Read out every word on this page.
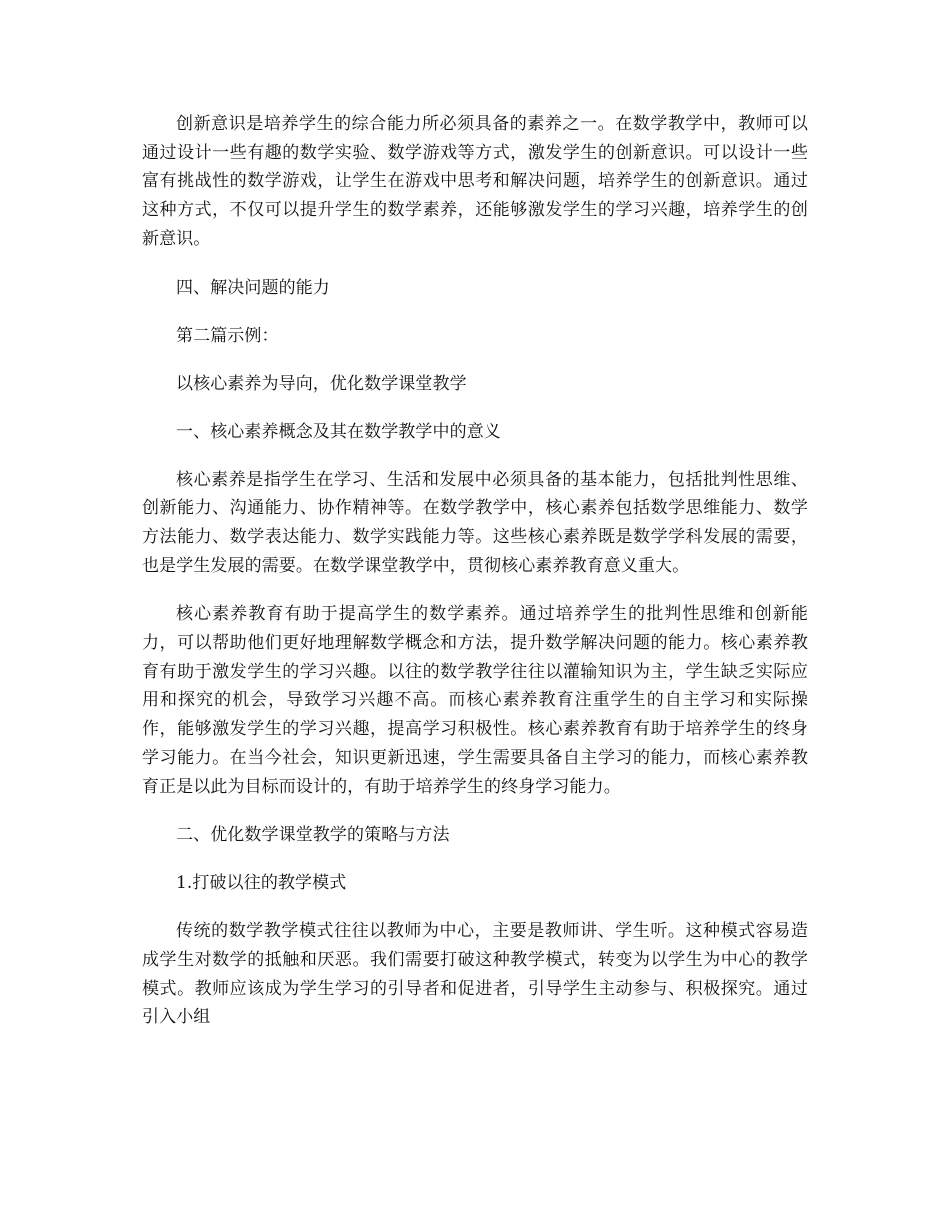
创新意识是培养学生的综合能力所必须具备的素养之一。在数学教学中，教师可以通过设计一些有趣的数学实验、数学游戏等方式，激发学生的创新意识。可以设计一些富有挑战性的数学游戏，让学生在游戏中思考和解决问题，培养学生的创新意识。通过这种方式，不仅可以提升学生的数学素养，还能够激发学生的学习兴趣，培养学生的创新意识。

四、解决问题的能力

第二篇示例：

以核心素养为导向，优化数学课堂教学

一、核心素养概念及其在数学教学中的意义

核心素养是指学生在学习、生活和发展中必须具备的基本能力，包括批判性思维、创新能力、沟通能力、协作精神等。在数学教学中，核心素养包括数学思维能力、数学方法能力、数学表达能力、数学实践能力等。这些核心素养既是数学学科发展的需要，也是学生发展的需要。在数学课堂教学中，贯彻核心素养教育意义重大。

核心素养教育有助于提高学生的数学素养。通过培养学生的批判性思维和创新能力，可以帮助他们更好地理解数学概念和方法，提升数学解决问题的能力。核心素养教育有助于激发学生的学习兴趣。以往的数学教学往往以灌输知识为主，学生缺乏实际应用和探究的机会，导致学习兴趣不高。而核心素养教育注重学生的自主学习和实际操作，能够激发学生的学习兴趣，提高学习积极性。核心素养教育有助于培养学生的终身学习能力。在当今社会，知识更新迅速，学生需要具备自主学习的能力，而核心素养教育正是以此为目标而设计的，有助于培养学生的终身学习能力。

二、优化数学课堂教学的策略与方法

1.打破以往的教学模式

传统的数学教学模式往往以教师为中心，主要是教师讲、学生听。这种模式容易造成学生对数学的抵触和厌恶。我们需要打破这种教学模式，转变为以学生为中心的教学模式。教师应该成为学生学习的引导者和促进者，引导学生主动参与、积极探究。通过引入小组
